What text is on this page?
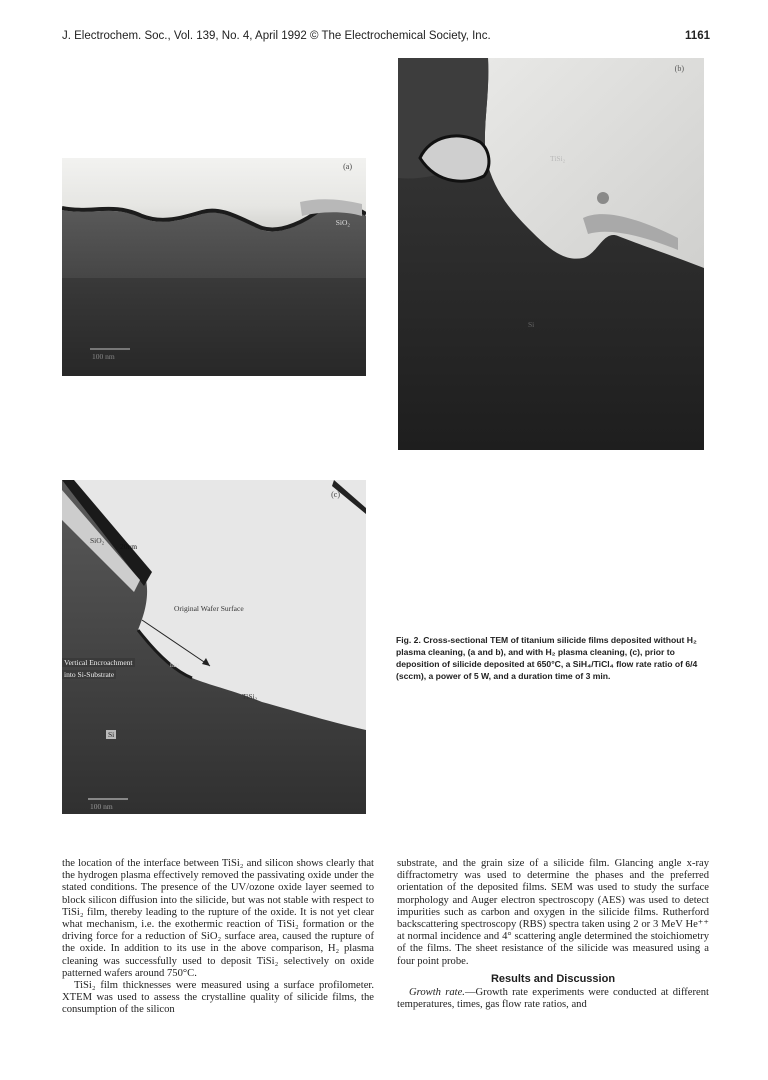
J. Electrochem. Soc., Vol. 139, No. 4, April 1992 © The Electrochemical Society, Inc.	1161
(a)
SiO₂
100 nm
(b)
TiSi₂
Si
(c)
SiO₂
20nm
Original Wafer Surface
Vertical Encroachment
into Si-Substrate
nm
TiSi₂
Si
100 nm
Fig. 2. Cross-sectional TEM of titanium silicide films deposited without H₂ plasma cleaning, (a and b), and with H₂ plasma cleaning, (c), prior to deposition of silicide deposited at 650°C, a SiH₄/TiCl₄ flow rate ratio of 6/4 (sccm), a power of 5 W, and a duration time of 3 min.

the location of the interface between TiSi₂ and silicon shows clearly that the hydrogen plasma effectively removed the passivating oxide under the stated conditions. The presence of the UV/ozone oxide layer seemed to block silicon diffusion into the silicide, but was not stable with respect to TiSi₂ film, thereby leading to the rupture of the oxide. It is not yet clear what mechanism, i.e. the exothermic reaction of TiSi₂ formation or the driving force for a reduction of SiO₂ surface area, caused the rupture of the oxide. In addition to its use in the above comparison, H₂ plasma cleaning was successfully used to deposit TiSi₂ selectively on oxide patterned wafers around 750°C.

TiSi₂ film thicknesses were measured using a surface profilometer. XTEM was used to assess the crystalline quality of silicide films, the consumption of the silicon

substrate, and the grain size of a silicide film. Glancing angle x-ray diffractometry was used to determine the phases and the preferred orientation of the deposited films. SEM was used to study the surface morphology and Auger electron spectroscopy (AES) was used to detect impurities such as carbon and oxygen in the silicide films. Rutherford backscattering spectroscopy (RBS) spectra taken using 2 or 3 MeV He⁺⁺ at normal incidence and 4° scattering angle determined the stoichiometry of the films. The sheet resistance of the silicide was measured using a four point probe.

Results and Discussion

Growth rate.—Growth rate experiments were conducted at different temperatures, times, gas flow rate ratios, and
